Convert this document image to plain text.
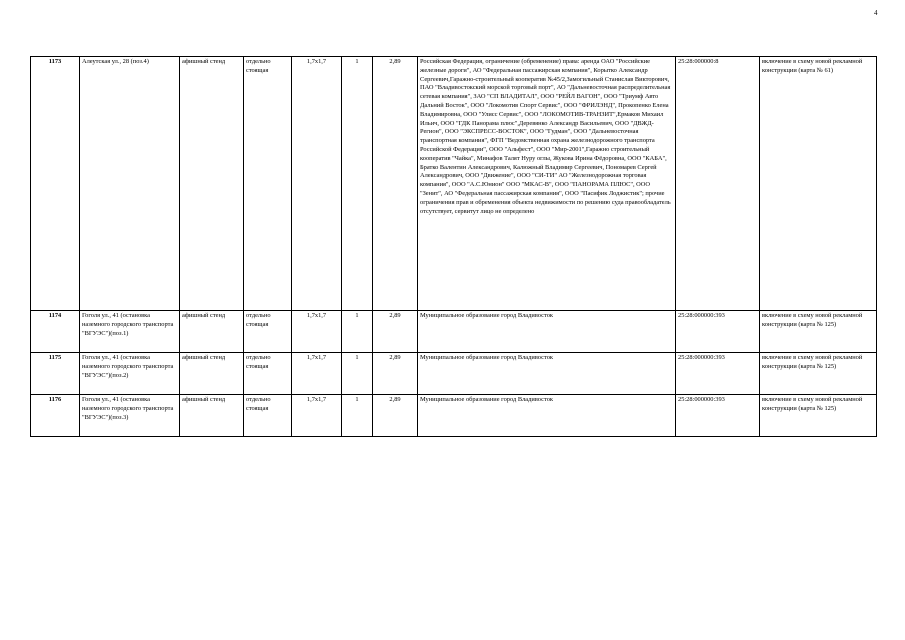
4
1173	Алеутская ул., 28 (поз.4)	афишный стенд	отдельно стоящая	1,7x1,7	1	2,89	Российская Федерация, ограничение (обременение) права: аренда ОАО "Российские железные дороги", АО "Федеральная пассажирская компания", Корытко Александр Сергеевич,Гаражно-строительный кооператив №45/2,Замогильный Станислав Викторович, ПАО "Владивостокский морской торговый порт", АО "Дальневосточная распределительная сетевая компания", ЗАО "СП ВЛАДИТАЛ", ООО "РЕЙЛ ВАГОН", ООО "Триумф Авто Дальний Восток", ООО "Локомотив Спорт Сервис", ООО "ФРИЛЭНД", Прокопенко Елена Владимировна, ООО "Улисс Сервис", ООО "ЛОКОМОТИВ-ТРАНЗИТ",Ермаков Михаил Ильич, ООО "ГДК Панорама плюс",Деревянко Александр Васильевич, ООО "ДВЖД-Регион", ООО "ЭКСПРЕСС-ВОСТОК", ООО "Гудман", ООО "Дальневосточная транспортная компания", ФГП "Ведомственная охрана железнодорожного транспорта Российской Федерации", ООО "Альфест", ООО "Мир-2001",Гаражно строительный кооператив "Чайка", Минафов Талят Нуру оглы, Жукова Ирина Фёдоровна, ООО "КАБА", Братко Валентин Александрович, Калюжный Владимир Сергеевич, Пономарев Сергей Александрович, ООО "Движение", ООО "СИ-ТИ" АО "Железнодорожная торговая компания", ООО "А.С.Юнион" ООО "МКАС-В", ООО "ПАНОРАМА ПЛЮС", ООО "Зенит", АО "Федеральная пассажирская компания", ООО "Пасифик Лоджистик"; прочие ограничения прав и обременения объекта недвижимости по решению суда правообладатель отсутствует, сервитут лицо не определено	25:28:000000:8	включение в схему новой рекламной конструкции (карта № 61)
1174	Гоголя ул., 41 (остановка наземного городского транспорта "ВГУЭС")(поз.1)	афишный стенд	отдельно стоящая	1,7x1,7	1	2,89	Муниципальное образование город Владивосток	25:28:000000:393	включение в схему новой рекламной конструкции (карта № 125)
1175	Гоголя ул., 41 (остановка наземного городского транспорта "ВГУЭС")(поз.2)	афишный стенд	отдельно стоящая	1,7x1,7	1	2,89	Муниципальное образование город Владивосток	25:28:000000:393	включение в схему новой рекламной конструкции (карта № 125)
1176	Гоголя ул., 41 (остановка наземного городского транспорта "ВГУЭС")(поз.3)	афишный стенд	отдельно стоящая	1,7x1,7	1	2,89	Муниципальное образование город Владивосток	25:28:000000:393	включение в схему новой рекламной конструкции (карта № 125)
